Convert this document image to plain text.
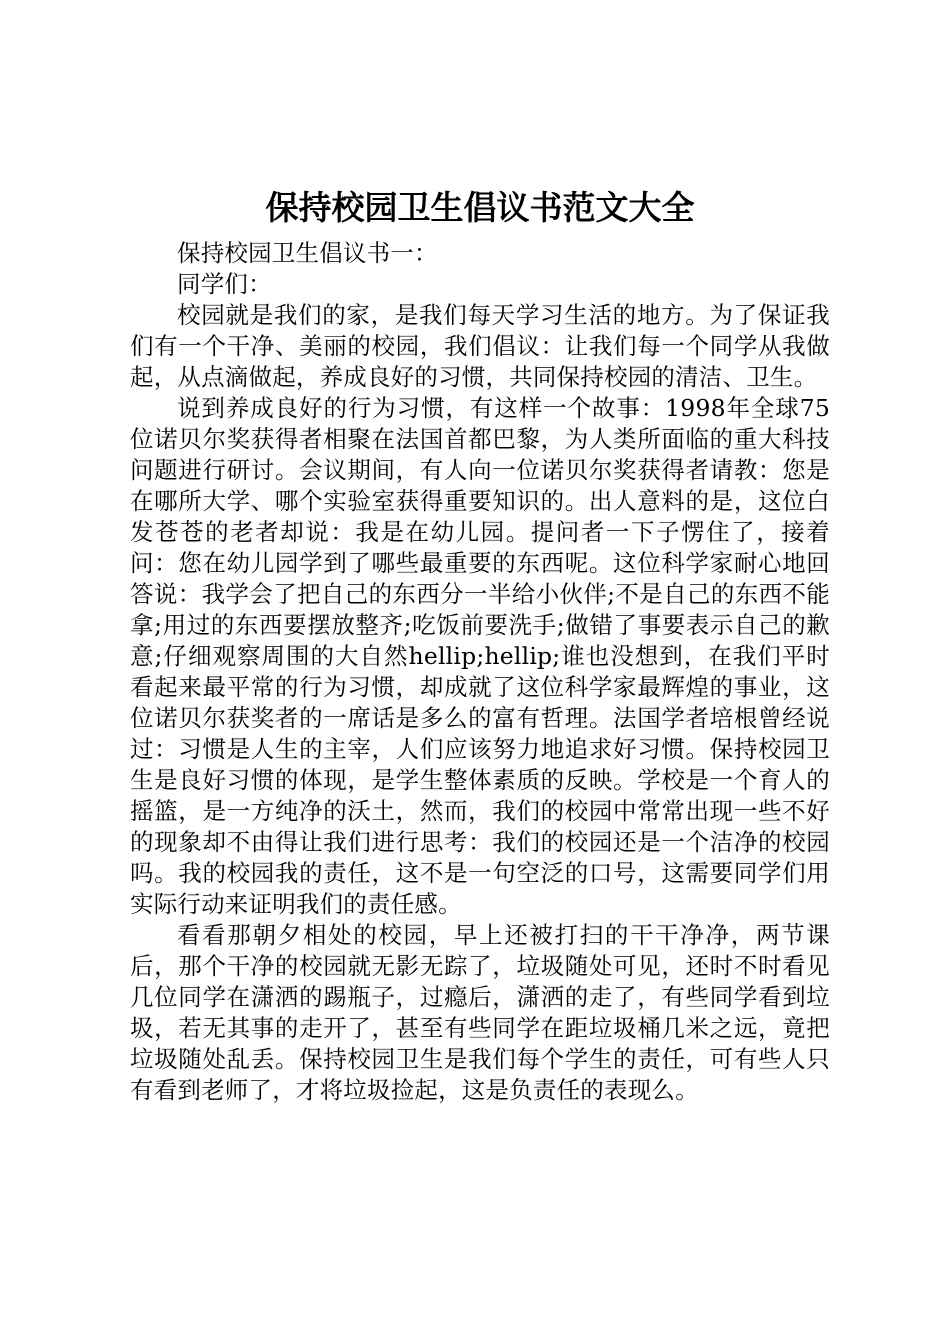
保持校园卫生倡议书范文大全

保持校园卫生倡议书一：

同学们：

校园就是我们的家，是我们每天学习生活的地方。为了保证我们有一个干净、美丽的校园，我们倡议：让我们每一个同学从我做起，从点滴做起，养成良好的习惯，共同保持校园的清洁、卫生。

说到养成良好的行为习惯，有这样一个故事：1998年全球75位诺贝尔奖获得者相聚在法国首都巴黎，为人类所面临的重大科技问题进行研讨。会议期间，有人向一位诺贝尔奖获得者请教：您是在哪所大学、哪个实验室获得重要知识的。出人意料的是，这位白发苍苍的老者却说：我是在幼儿园。提问者一下子愣住了，接着问：您在幼儿园学到了哪些最重要的东西呢。这位科学家耐心地回答说：我学会了把自己的东西分一半给小伙伴;不是自己的东西不能拿;用过的东西要摆放整齐;吃饭前要洗手;做错了事要表示自己的歉意;仔细观察周围的大自然hellip;hellip;谁也没想到，在我们平时看起来最平常的行为习惯，却成就了这位科学家最辉煌的事业，这位诺贝尔获奖者的一席话是多么的富有哲理。法国学者培根曾经说过：习惯是人生的主宰，人们应该努力地追求好习惯。保持校园卫生是良好习惯的体现，是学生整体素质的反映。学校是一个育人的摇篮，是一方纯净的沃土，然而，我们的校园中常常出现一些不好的现象却不由得让我们进行思考：我们的校园还是一个洁净的校园吗。我的校园我的责任，这不是一句空泛的口号，这需要同学们用实际行动来证明我们的责任感。

看看那朝夕相处的校园，早上还被打扫的干干净净，两节课后，那个干净的校园就无影无踪了，垃圾随处可见，还时不时看见几位同学在潇洒的踢瓶子，过瘾后，潇洒的走了，有些同学看到垃圾，若无其事的走开了，甚至有些同学在距垃圾桶几米之远，竟把垃圾随处乱丢。保持校园卫生是我们每个学生的责任，可有些人只有看到老师了，才将垃圾捡起，这是负责任的表现么。
